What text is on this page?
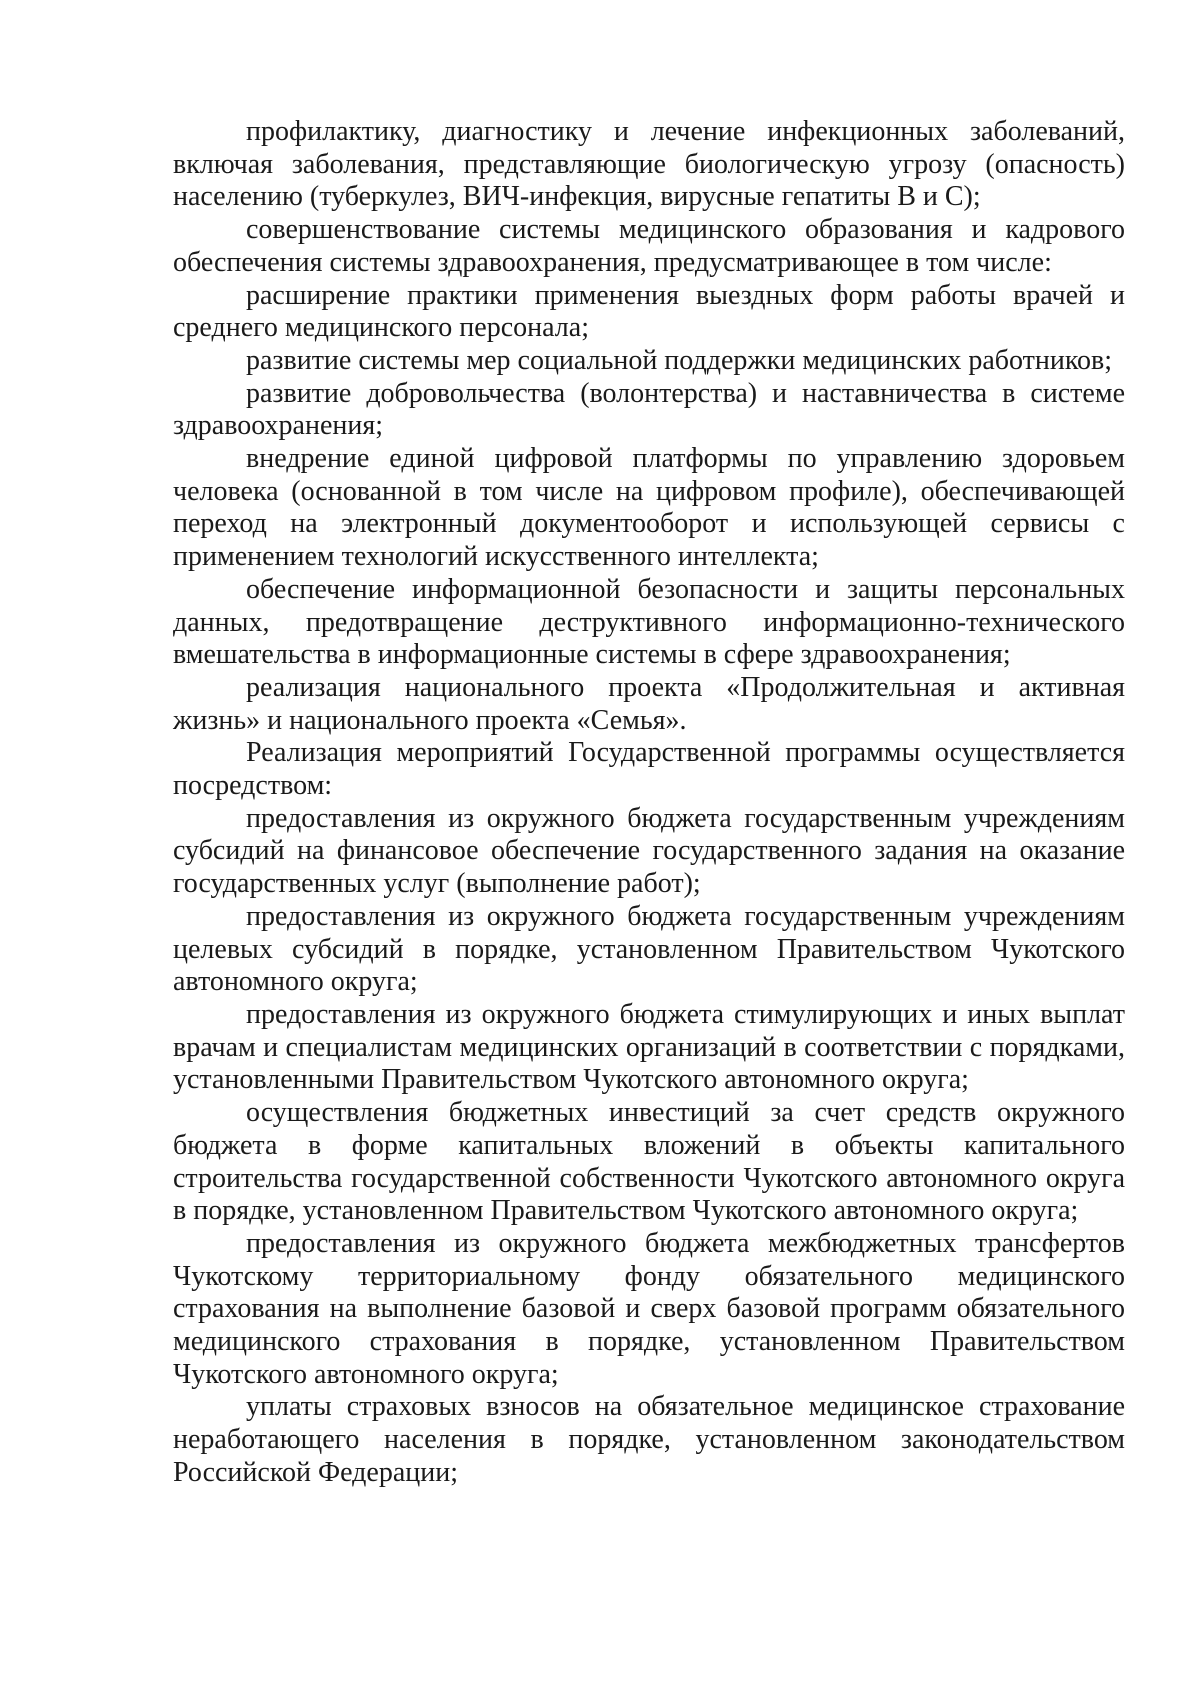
профилактику, диагностику и лечение инфекционных заболеваний, включая заболевания, представляющие биологическую угрозу (опасность) населению (туберкулез, ВИЧ-инфекция, вирусные гепатиты В и С);

совершенствование системы медицинского образования и кадрового обеспечения системы здравоохранения, предусматривающее в том числе:

расширение практики применения выездных форм работы врачей и среднего медицинского персонала;

развитие системы мер социальной поддержки медицинских работников;

развитие добровольчества (волонтерства) и наставничества в системе здравоохранения;

внедрение единой цифровой платформы по управлению здоровьем человека (основанной в том числе на цифровом профиле), обеспечивающей переход на электронный документооборот и использующей сервисы с применением технологий искусственного интеллекта;

обеспечение информационной безопасности и защиты персональных данных, предотвращение деструктивного информационно-технического вмешательства в информационные системы в сфере здравоохранения;

реализация национального проекта «Продолжительная и активная жизнь» и национального проекта «Семья».

Реализация мероприятий Государственной программы осуществляется посредством:

предоставления из окружного бюджета государственным учреждениям субсидий на финансовое обеспечение государственного задания на оказание государственных услуг (выполнение работ);

предоставления из окружного бюджета государственным учреждениям целевых субсидий в порядке, установленном Правительством Чукотского автономного округа;

предоставления из окружного бюджета стимулирующих и иных выплат врачам и специалистам медицинских организаций в соответствии с порядками, установленными Правительством Чукотского автономного округа;

осуществления бюджетных инвестиций за счет средств окружного бюджета в форме капитальных вложений в объекты капитального строительства государственной собственности Чукотского автономного округа в порядке, установленном Правительством Чукотского автономного округа;

предоставления из окружного бюджета межбюджетных трансфертов Чукотскому территориальному фонду обязательного медицинского страхования на выполнение базовой и сверх базовой программ обязательного медицинского страхования в порядке, установленном Правительством Чукотского автономного округа;

уплаты страховых взносов на обязательное медицинское страхование неработающего населения в порядке, установленном законодательством Российской Федерации;
